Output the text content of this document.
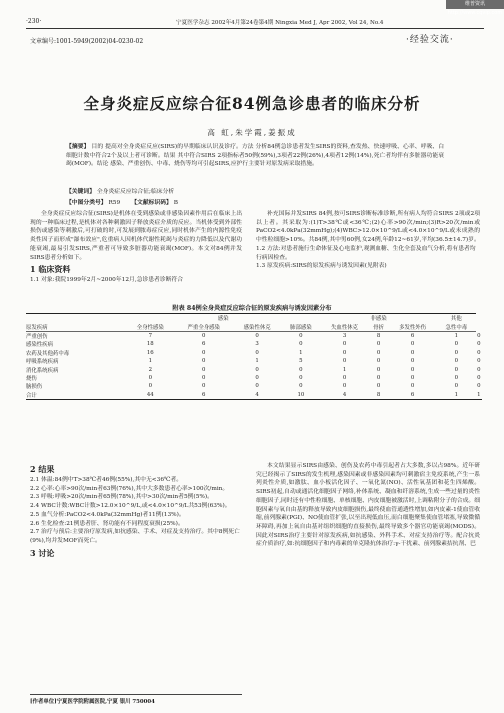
维普资讯 http://www.cqvip.com
·230·	宁夏医学杂志 2002年4月第24卷第4期 Ningxia Med J, Apr 2002, Vol 24, No.4
文章编号:1001-5949(2002)04-0230-02	·经验交流·
全身炎症反应综合征84例急诊患者的临床分析
高 虹,朱学霞,姜振成
【摘要】 目的 提高对全身炎症反应(SIRS)的早期临床认识及诊疗。方法 分析84例急诊患者发生SIRS的资料,查发热、快速呼吸、心率、呼吸、白细胞计数中符合2个及以上者可诊断。结果 其中符合SIRS 2项指标者50例(59%),3项者22例(26%),4项者12例(14%),死亡者均伴有多脏器功能衰竭(MOF)。结论 感染、严重创伤、中毒、烧伤等均可引起SIRS,应护行主要针对原发病采取措施。
【关键词】 全身炎症反应综合征;临床分析
【中图分类号】 R59 【文献标识码】 B

全身炎症反应综合征(SIRS)是机体在受到感染或非感染因素作用后在临床上出现的一种临床过程,是机体对各种刺激因子释放炎症介质的反应。当机体受到外部性损伤或感染等刺激后,可打破的时,可发展到脓毒症反应,同时机体产生的内源性免疫炎性因子而形成"瀑布效应",危重病人因机体代谢性耗竭与炎症的力降低以及代谢功能衰竭,最易引发SIRS,严重者可导致多脏器功能衰竭(MOF)。本文对84例并发SIRS患者分析如下。

1 临床资料

1.1 对象:我院1999年2月~2000年12月,急诊患者诊断符合

补充国际并发SIRS 84例,按可SIRS诊断标准诊断,所有病人均符合SIRS 2项或2项以上者。其采取为:(1)T>38℃或<36℃;(2)心率>90次/min;(3)R>20次/min或PaCO2<4.0kPa(32mmHg);(4)WBC>12.0×10^9/L或<4.0×10^9/L或未成熟的中性粒细胞>10%。共84例,其中男60例,女24例,年龄12~61岁,平均(36.5±14.7)岁。

1.2 方法:对患者施行生命体征及心电监护,观测血糖、生化全套及血气分析,将有患者均行病因检查。

1.3 原发疾病:SIRS的原发疾病与诱发因素(见附表)

附表 84例全身炎症反应综合征的原发疾病与诱发因素分布
	感染				非感染			其他	
原发疾病	全身性感染	严重全身感染	感染性休克	肺部感染	失血性休克	骨折	多发性外伤	急性中毒	
严重创伤	7	0	0	0	3	8	6	1	0
感染性疾病	18	6	3	0	0	0	0	0	0
农药及其他药中毒	16	0	0	1	0	0	0	0	0
呼吸系统疾病	1	0	1	5	0	0	0	0	0
消化系统疾病	2	0	0	0	1	0	0	0	0
烧伤	0	0	0	0	0	0	0	0	0
脑损伤	0	0	0	0	0	0	0	0	0
合计	44	6	4	10	4	8	6	1	1
2 结果

2.1 体温:84例中T>38℃者46例(55%),其中无<36℃者。

2.2 心率:心率>90次/min者63例(76%),其中大多数患者心率>100次/min。

2.3 呼吸:呼吸>20次/min者65例(78%),其中>30次/min者5例(5%)。

2.4 WBC计数:WBC计数>12.0×10^9/L,或<4.0×10^9/L共53例(63%)。

2.5 血气分析:PaCO2<4.0kPa(32mmHg)者11例(13%)。

2.6 生化检查:21例患者肝、肾功能有不同程度衰损(25%)。

2.7 治疗与预后:主要治疗原发病,如抗感染、手术、对症及支持治疗。其中8例死亡(9%),均并发MOF而死亡。

3 讨论

本文结果显示SIRS由感染、创伤及农药中毒引起者占大多数,多以占98%。近年研究已经揭示了SIRS的发生机理,感染因素或非感染因素均可刺激宿主免疫系统,产生一系列炎性介质,如激肽、血小板活化因子、一氧化氮(NO)、活性氧基团和花生四烯酸。SIRS初起,自动或通活化细胞因子网络,补体系统、凝血和纤溶系统,生成一些过量的炎性细胞因子,同时还有中性粒细胞、单核细胞、内皮细胞被激活时,上调粘附分子的合成。细胞因素与氧自由基的释放导致内皮细胞损伤,最终使血管通透性增加,如内皮素-1使血管收缩,前列腺素(PGI)、NO使血管扩张,以至出现低血压,而白细胞聚集使血管堵塞,导致微循环障碍,再加上氧自由基对组织细胞的直接损伤,最终导致多个器官功能衰竭(MODS)。因此对SIRS治疗主要针对原发疾病,如抗感染、外科手术、对症支持治疗等。配合抗炎症介质治疗,如:抗细胞因子和内毒素的单克隆抗体治疗:γ-干扰素、前列腺素拮抗剂、巴

[作者单位]宁夏医学院附属医院,宁夏 银川 750004
